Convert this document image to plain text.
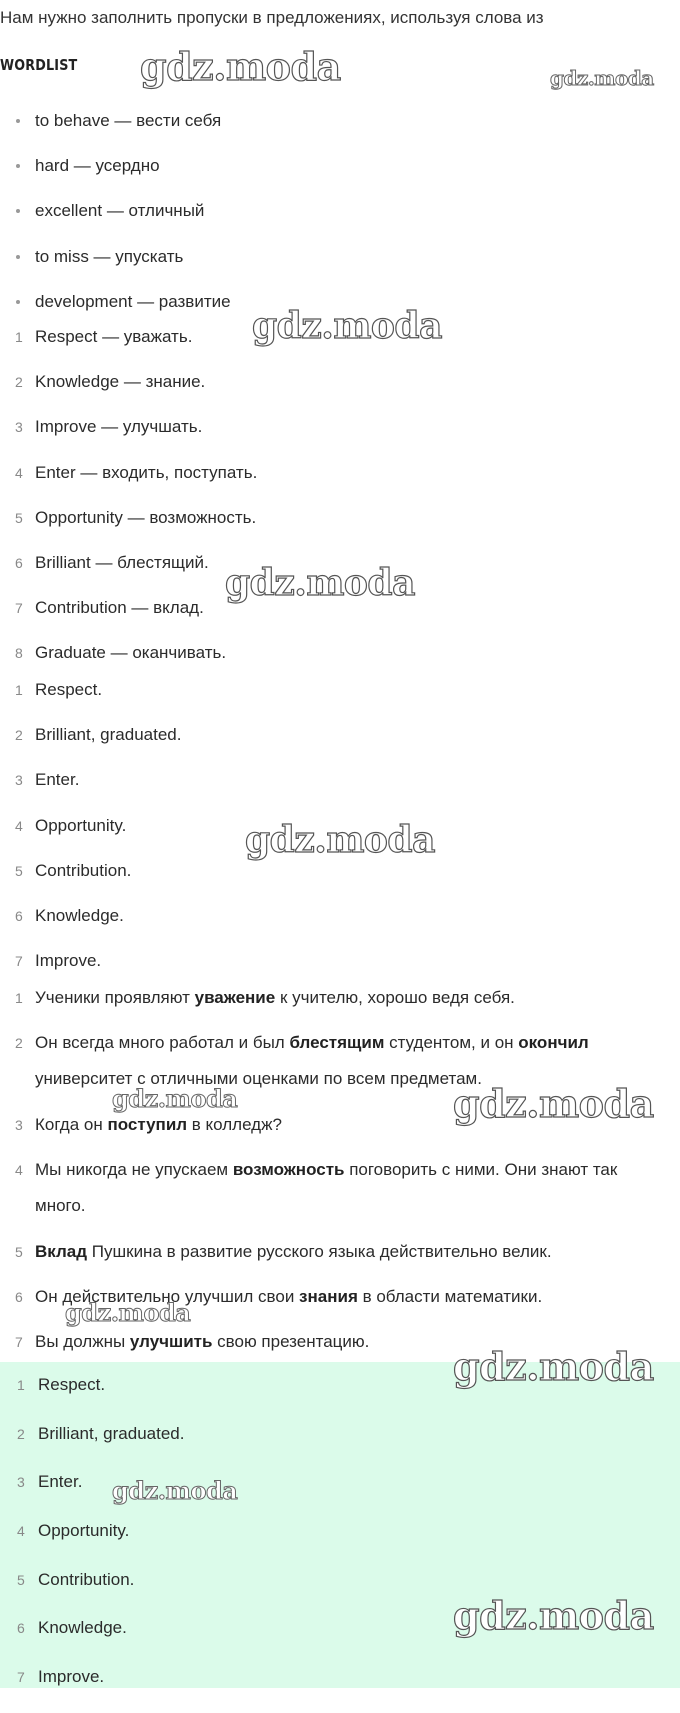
Нам нужно заполнить пропуски в предложениях, используя слова из
WORDLIST
to behave — вести себя
hard — усердно
excellent — отличный
to miss — упускать
development — развитие
1 Respect — уважать.
2 Knowledge — знание.
3 Improve — улучшать.
4 Enter — входить, поступать.
5 Opportunity — возможность.
6 Brilliant — блестящий.
7 Contribution — вклад.
8 Graduate — оканчивать.
1 Respect.
2 Brilliant, graduated.
3 Enter.
4 Opportunity.
5 Contribution.
6 Knowledge.
7 Improve.
1 Ученики проявляют уважение к учителю, хорошо ведя себя.
2 Он всегда много работал и был блестящим студентом, и он окончил университет с отличными оценками по всем предметам.
3 Когда он поступил в колледж?
4 Мы никогда не упускаем возможность поговорить с ними. Они знают так много.
5 Вклад Пушкина в развитие русского языка действительно велик.
6 Он действительно улучшил свои знания в области математики.
7 Вы должны улучшить свою презентацию.
1 Respect.
2 Brilliant, graduated.
3 Enter.
4 Opportunity.
5 Contribution.
6 Knowledge.
7 Improve.
gdz.moda	gdz.moda
gdz.moda
gdz.moda
gdz.moda
gdz.moda	gdz.moda
gdz.moda
gdz.moda
gdz.moda
gdz.moda
